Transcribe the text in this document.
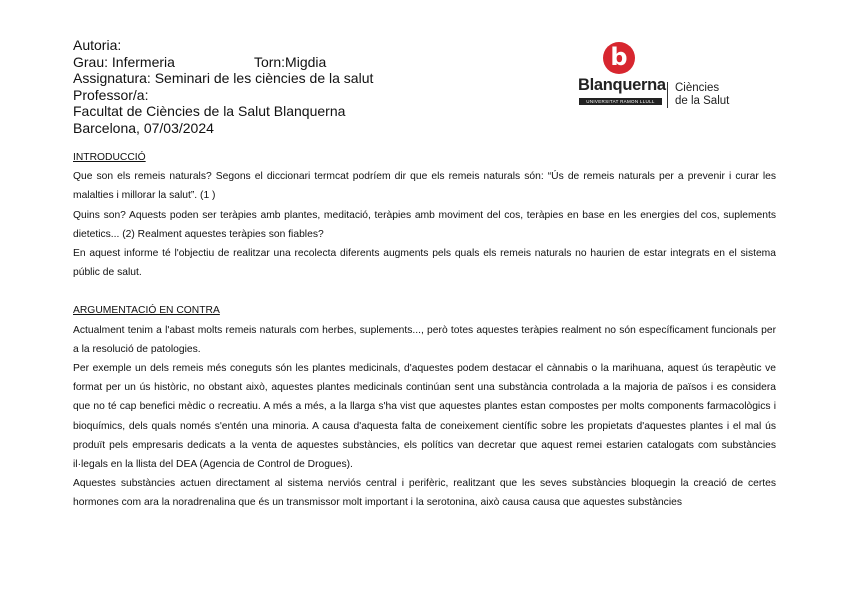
Autoria:
Grau: Infermeria	Torn:Migdia
Assignatura: Seminari de les ciències de la salut
Professor/a:
Facultat de Ciències de la Salut Blanquerna
Barcelona, 07/03/2024
b
Blanquerna
UNIVERSITAT RAMON LLULL
Ciències
de la Salut

INTRODUCCIÓ

Que son els remeis naturals? Segons el diccionari termcat podríem dir que els remeis naturals són: “Ús de remeis naturals per a prevenir i curar les malalties i millorar la salut”. (1 )

Quins son? Aquests poden ser teràpies amb plantes, meditació, teràpies amb moviment del cos, teràpies en base en les energies del cos, suplements dietetics... (2) Realment aquestes teràpies son fiables?

En aquest informe té l'objectiu de realitzar una recolecta diferents augments pels quals els remeis naturals no haurien de estar integrats en el sistema públic de salut.

ARGUMENTACIÓ EN CONTRA

Actualment tenim a l'abast molts remeis naturals com herbes, suplements..., però totes aquestes teràpies realment no són específicament funcionals per a la resolució de patologies.

Per exemple un dels remeis més coneguts són les plantes medicinals, d'aquestes podem destacar el cànnabis o la marihuana, aquest ús terapèutic ve format per un ús històric, no obstant això, aquestes plantes medicinals continúan sent una substància controlada a la majoria de països i es considera que no té cap benefici mèdic o recreatiu. A més a més, a la llarga s'ha vist que aquestes plantes estan compostes per molts components farmacològics i bioquímics, dels quals només s'entén una minoria. A causa d'aquesta falta de coneixement científic sobre les propietats d'aquestes plantes i el mal ús produït pels empresaris dedicats a la venta de aquestes substàncies, els polítics van decretar que aquest remei estarien catalogats com substàncies il·legals en la llista del DEA (Agencia de Control de Drogues).

Aquestes substàncies actuen directament al sistema nerviós central i perifèric, realitzant que les seves substàncies bloquegin la creació de certes hormones com ara la noradrenalina que és un transmissor molt important i la serotonina, això causa causa que aquestes substàncies
